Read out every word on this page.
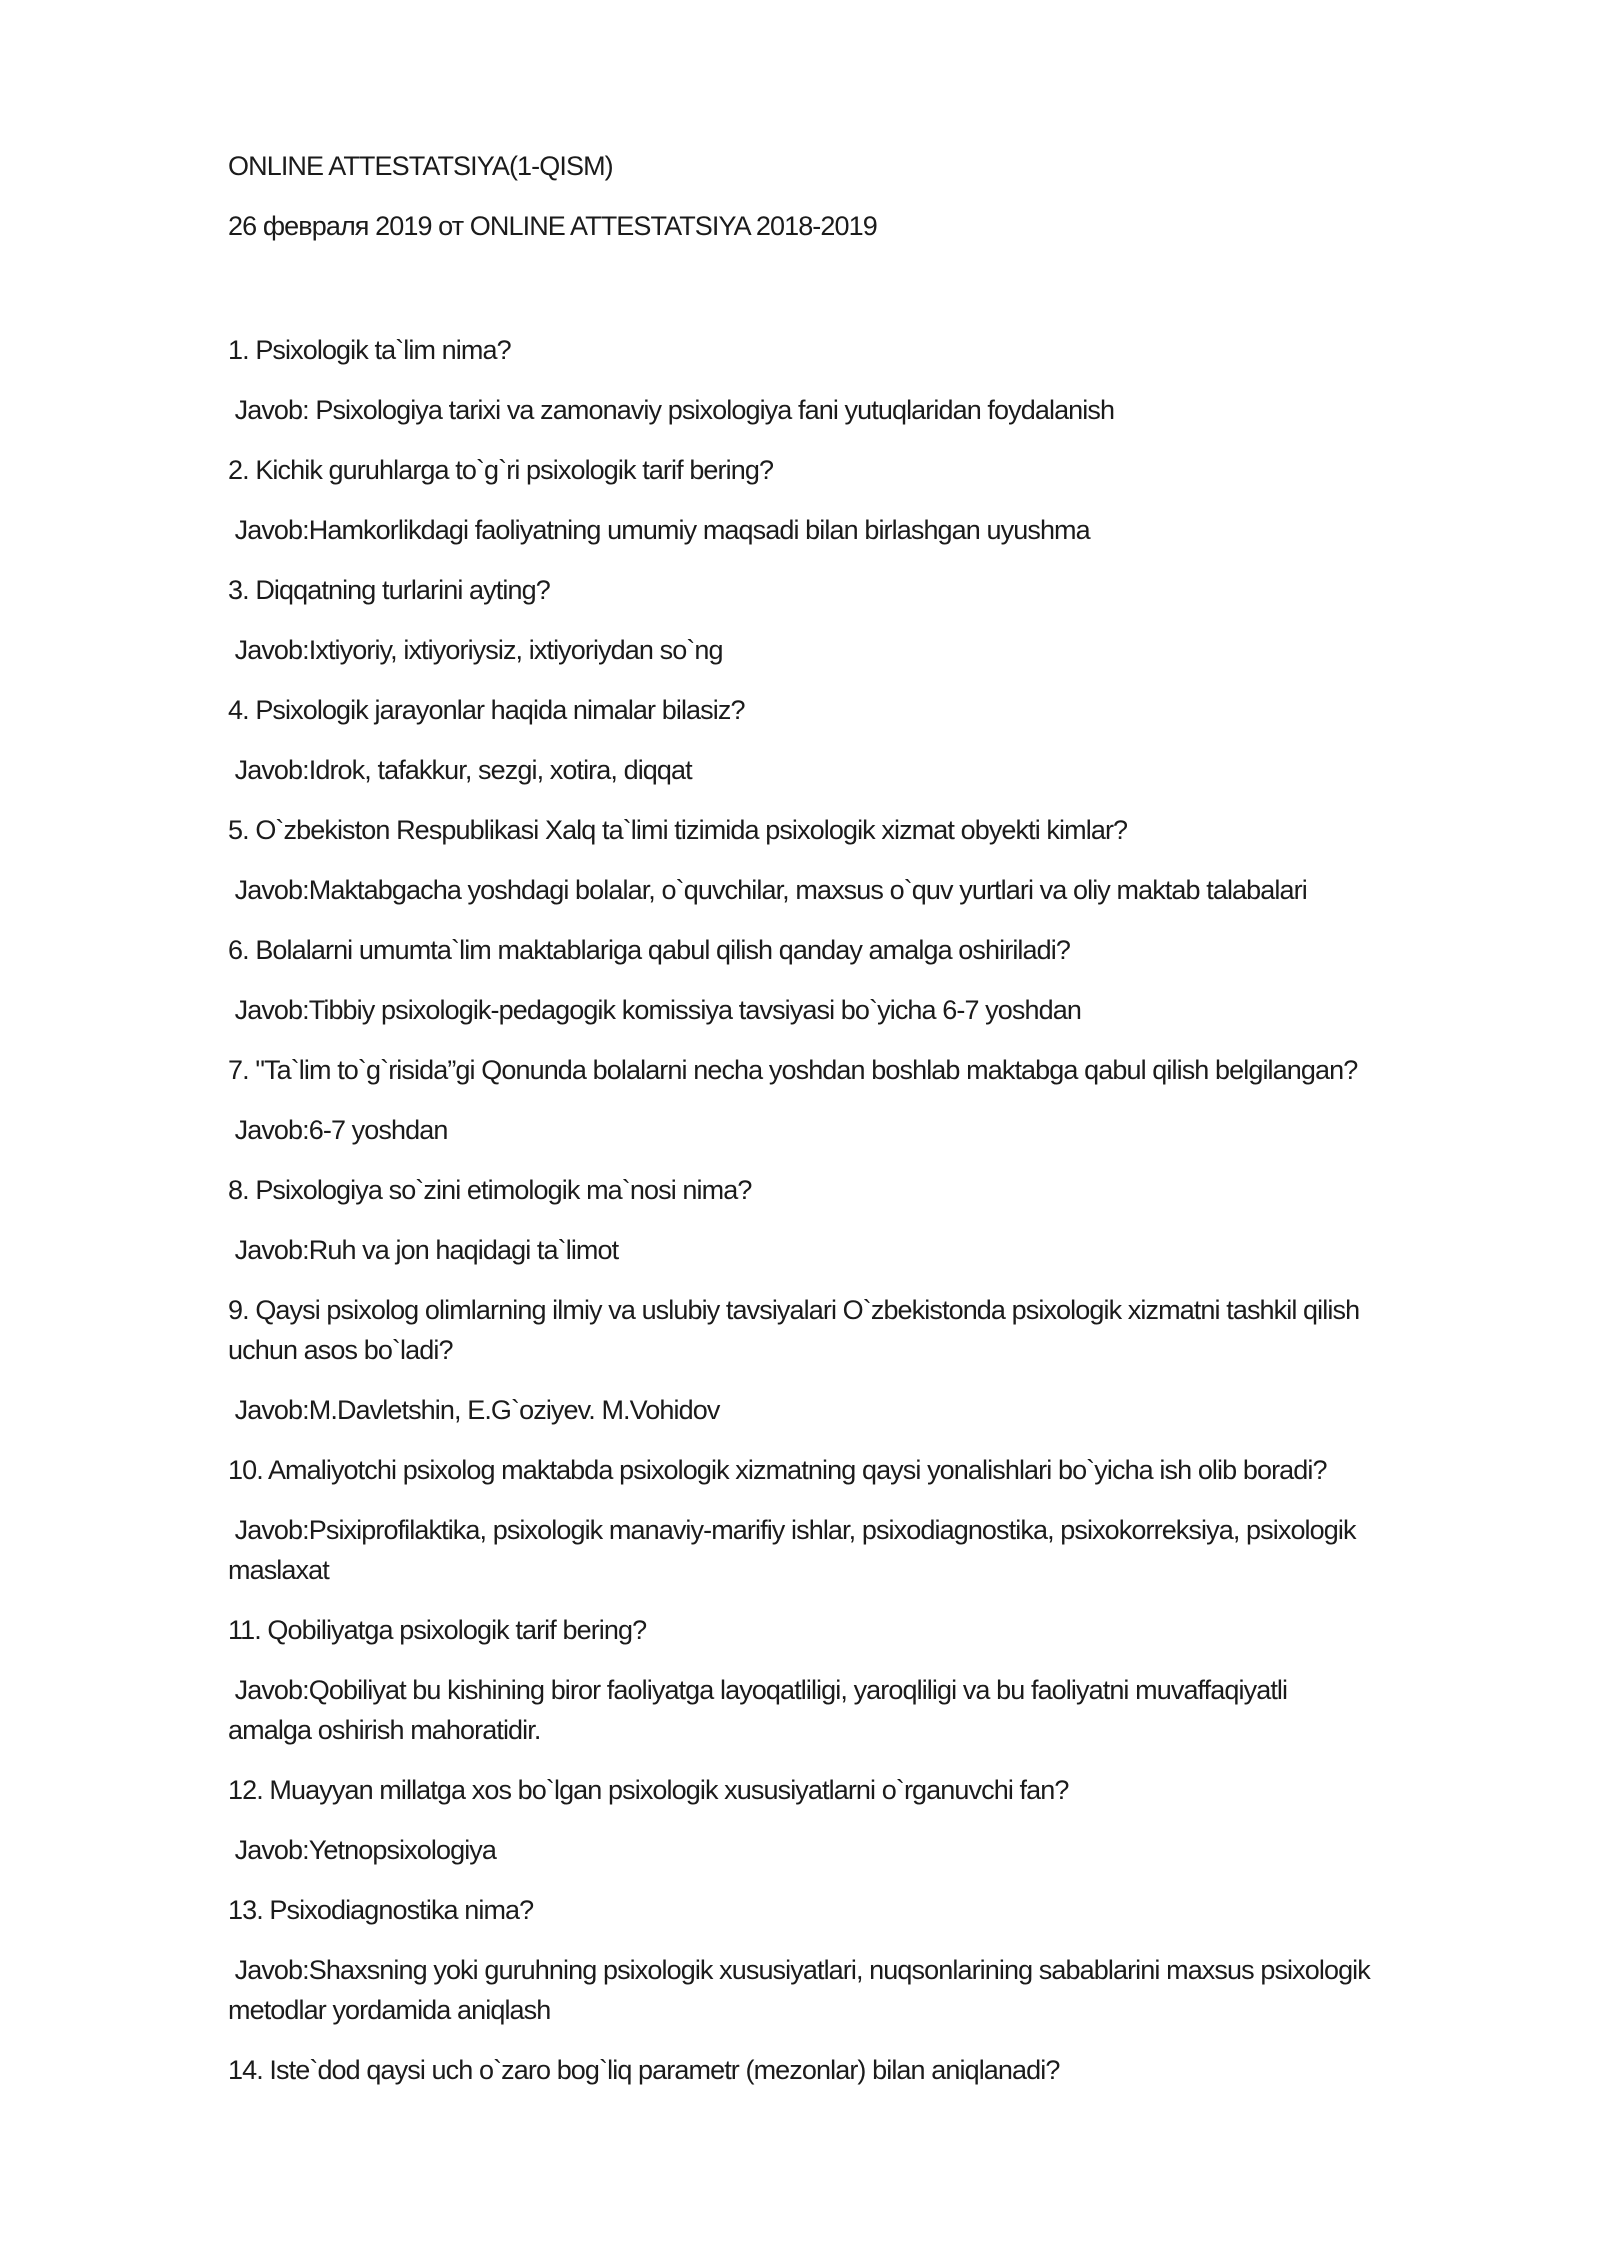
ONLINE ATTESTATSIYA(1-QISM)
26 февраля 2019 от ONLINE ATTESTATSIYA 2018-2019
1. Psixologik ta`lim nima?
Javob: Psixologiya tarixi va zamonaviy psixologiya fani yutuqlaridan foydalanish
2. Kichik guruhlarga to`g`ri psixologik tarif bering?
Javob:Hamkorlikdagi faoliyatning umumiy maqsadi bilan birlashgan uyushma
3. Diqqatning turlarini ayting?
Javob:Ixtiyoriy, ixtiyoriysiz, ixtiyoriydan so`ng
4. Psixologik jarayonlar haqida nimalar bilasiz?
Javob:Idrok, tafakkur, sezgi, xotira, diqqat
5. O`zbekiston Respublikasi Xalq ta`limi tizimida psixologik xizmat obyekti kimlar?
Javob:Maktabgacha yoshdagi bolalar, o`quvchilar, maxsus o`quv yurtlari va oliy maktab talabalari
6. Bolalarni umumta`lim maktablariga qabul qilish qanday amalga oshiriladi?
Javob:Tibbiy psixologik-pedagogik komissiya tavsiyasi bo`yicha 6-7 yoshdan
7. "Ta`lim to`g`risida”gi Qonunda bolalarni necha yoshdan boshlab maktabga qabul qilish belgilangan?
Javob:6-7 yoshdan
8. Psixologiya so`zini etimologik ma`nosi nima?
Javob:Ruh va jon haqidagi ta`limot
9. Qaysi psixolog olimlarning ilmiy va uslubiy tavsiyalari O`zbekistonda psixologik xizmatni tashkil qilish
uchun asos bo`ladi?
Javob:M.Davletshin, E.G`oziyev. M.Vohidov
10. Amaliyotchi psixolog maktabda psixologik xizmatning qaysi yonalishlari bo`yicha ish olib boradi?
Javob:Psixiprofilaktika, psixologik manaviy-marifiy ishlar, psixodiagnostika, psixokorreksiya, psixologik
maslaxat
11. Qobiliyatga psixologik tarif bering?
Javob:Qobiliyat bu kishining biror faoliyatga layoqatliligi, yaroqliligi va bu faoliyatni muvaffaqiyatli
amalga oshirish mahoratidir.
12. Muayyan millatga xos bo`lgan psixologik xususiyatlarni o`rganuvchi fan?
Javob:Yetnopsixologiya
13. Psixodiagnostika nima?
Javob:Shaxsning yoki guruhning psixologik xususiyatlari, nuqsonlarining sabablarini maxsus psixologik
metodlar yordamida aniqlash
14. Iste`dod qaysi uch o`zaro bog`liq parametr (mezonlar) bilan aniqlanadi?
